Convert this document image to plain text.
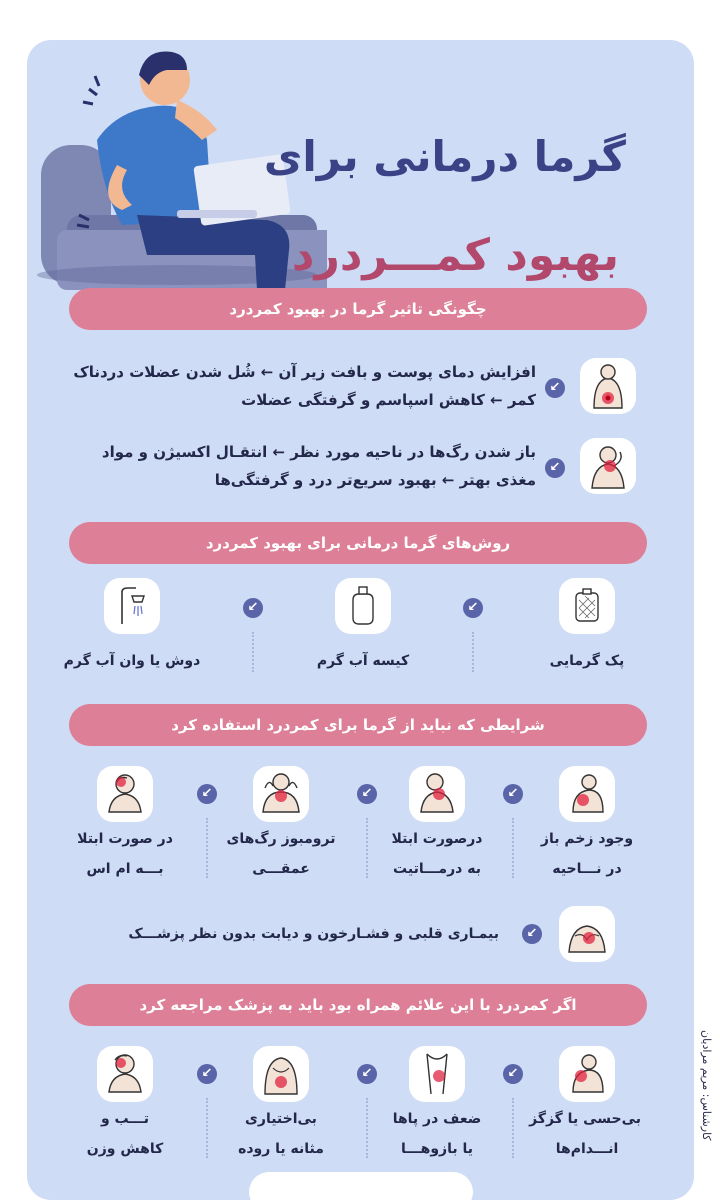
گرما درمانی برای
بهبود کمـــردرد
چگونگی تاثیر گرما در بهبود کمردرد
↙
افزایش دمای پوست و بافت زیر آن ← شُل شدن عضلات دردناک
کمر ← کاهش اسپاسم و گرفتگی عضلات
↙
باز شدن رگ‌ها در ناحیه مورد نظر ← انتقـال اکسیژن و مواد
مغذی بهتر ← بهبود سریع‌تر درد و گرفتگی‌ها
روش‌های گرما درمانی برای بهبود کمردرد
پک گرمایی
↙
کیسه آب گرم
↙
دوش یا وان آب گرم
شرایطی که نباید از گرما برای کمردرد استفاده کرد
وجود زخم باز
در نـــاحیه
↙
درصورت ابتلا
به درمـــاتیت
↙
ترومبوز رگ‌های
عمقـــی
↙
در صورت ابتلا
بـــه ام اس
↙
بیمـاری قلبی و فشـارخون و دیابت بدون نظر پزشـــک
اگر کمردرد با این علائم همراه بود باید به پزشک مراجعه کرد
بی‌حسی یا گزگز
انـــدام‌ها
↙
ضعف در پاها
یا بازوهـــا
↙
بی‌اختیاری
مثانه یا روده
↙
تـــب و
کاهش وزن
کارشناس: مریم مرادیان
